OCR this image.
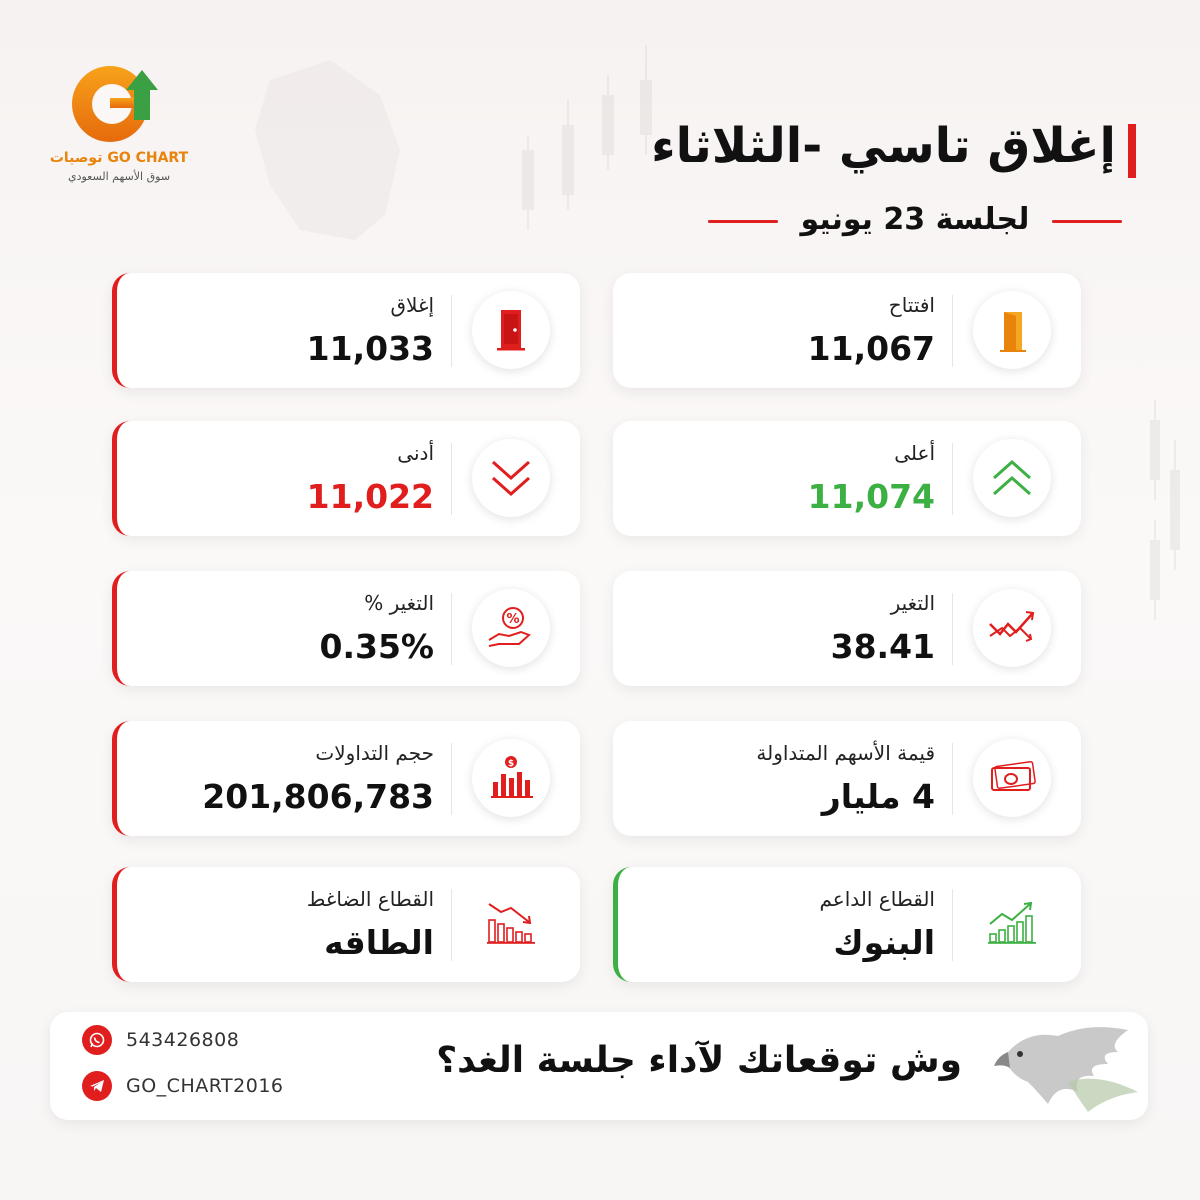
توصيات GO CHART
سوق الأسهم السعودي
إغلاق تاسي -الثلاثاء
لجلسة 23 يونيو
افتتاح
11,067
إغلاق
11,033
أعلى
11,074
أدنى
11,022
التغير
38.41
%
التغير %
0.35%
قيمة الأسهم المتداولة
4 مليار
$
حجم التداولات
201,806,783
القطاع الداعم
البنوك
القطاع الضاغط
الطاقه
543426808
GO_CHART2016
وش توقعاتك لآداء جلسة الغد؟
